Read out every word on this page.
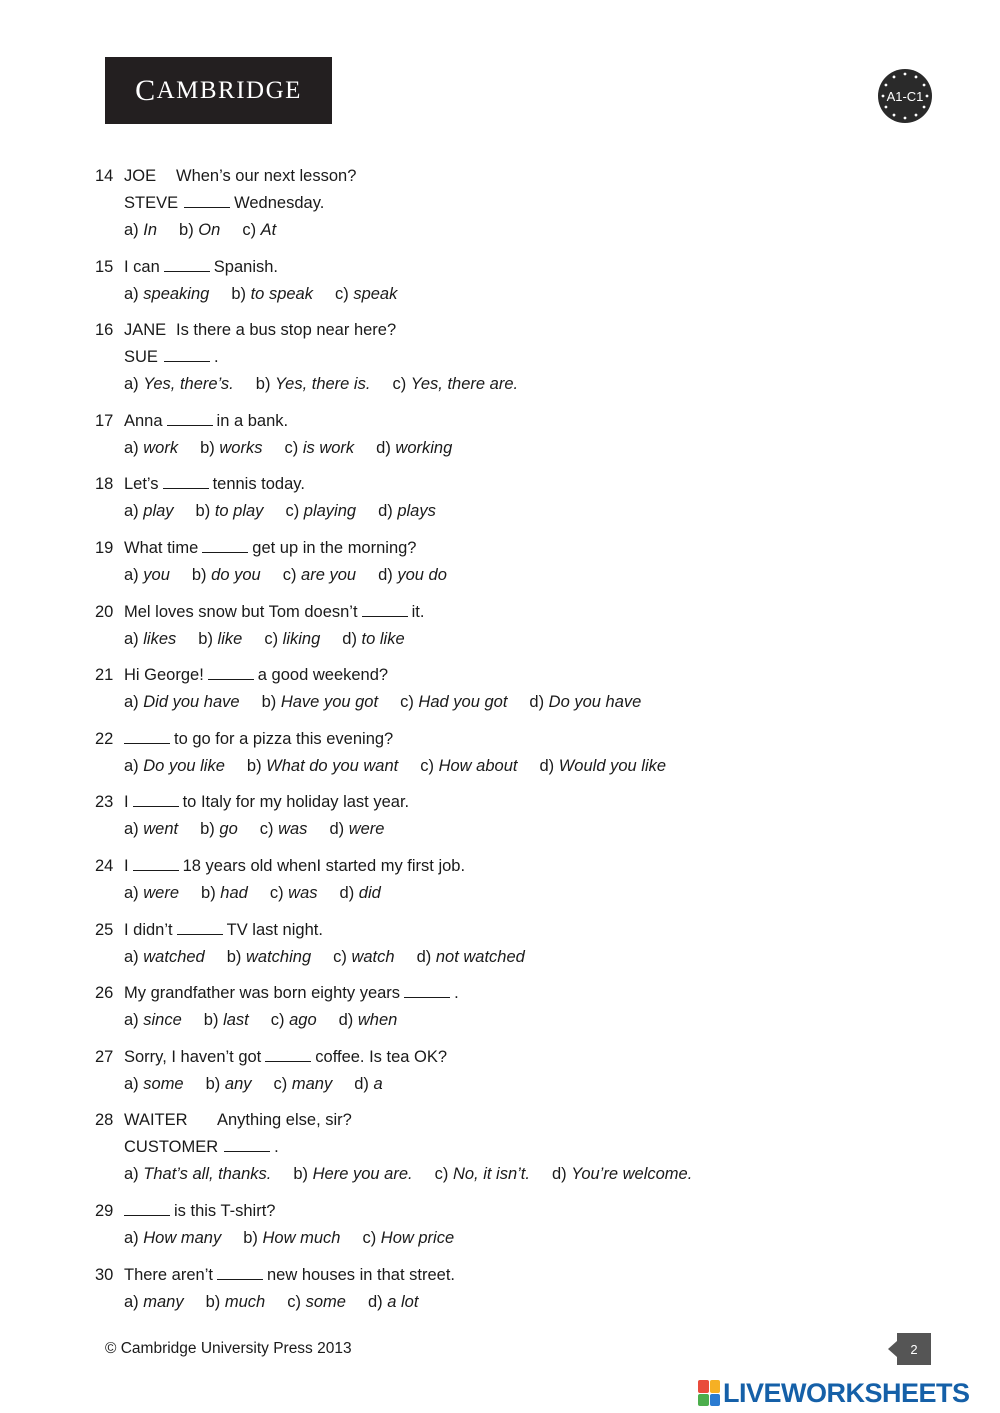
C AMBRIDGE	A1-C1
14 JOE When’s our next lesson?
STEVE	Wednesday.
a) In b) On c) At
15 I can	Spanish.
a) speaking b) to speak c) speak
16 JANE Is there a bus stop near here?
SUE	.
a) Yes, there’s. b) Yes, there is. c) Yes, there are.
17 Anna	in a bank.
a) work b) works c) is work d) working
18 Let’s	tennis today.
a) play b) to play c) playing d) plays
19 What time	get up in the morning?
a) you b) do you c) are you d) you do
20 Mel loves snow but Tom doesn’t	it.
a) likes b) like c) liking d) to like
21 Hi George!	a good weekend?
a) Did you have b) Have you got c) Had you got d) Do you have
22	to go for a pizza this evening?
a) Do you like b) What do you want c) How about d) Would you like
23 I	to Italy for my holiday last year.
a) went b) go c) was d) were
24 I	18 years old whenI started my first job.
a) were b) had c) was d) did
25 I didn’t	TV last night.
a) watched b) watching c) watch d) not watched
26 My grandfather was born eighty years	.
a) since b) last c) ago d) when
27 Sorry, I haven’t got	coffee. Is tea OK?
a) some b) any c) many d) a
28 WAITER Anything else, sir?
CUSTOMER	.
a) That’s all, thanks. b) Here you are. c) No, it isn’t. d) You’re welcome.
29	is this T-shirt?
a) How many b) How much c) How price
30 There aren’t	new houses in that street.
a) many b) much c) some d) a lot
© Cambridge University Press 2013	2
LIVEWORKSHEETS
